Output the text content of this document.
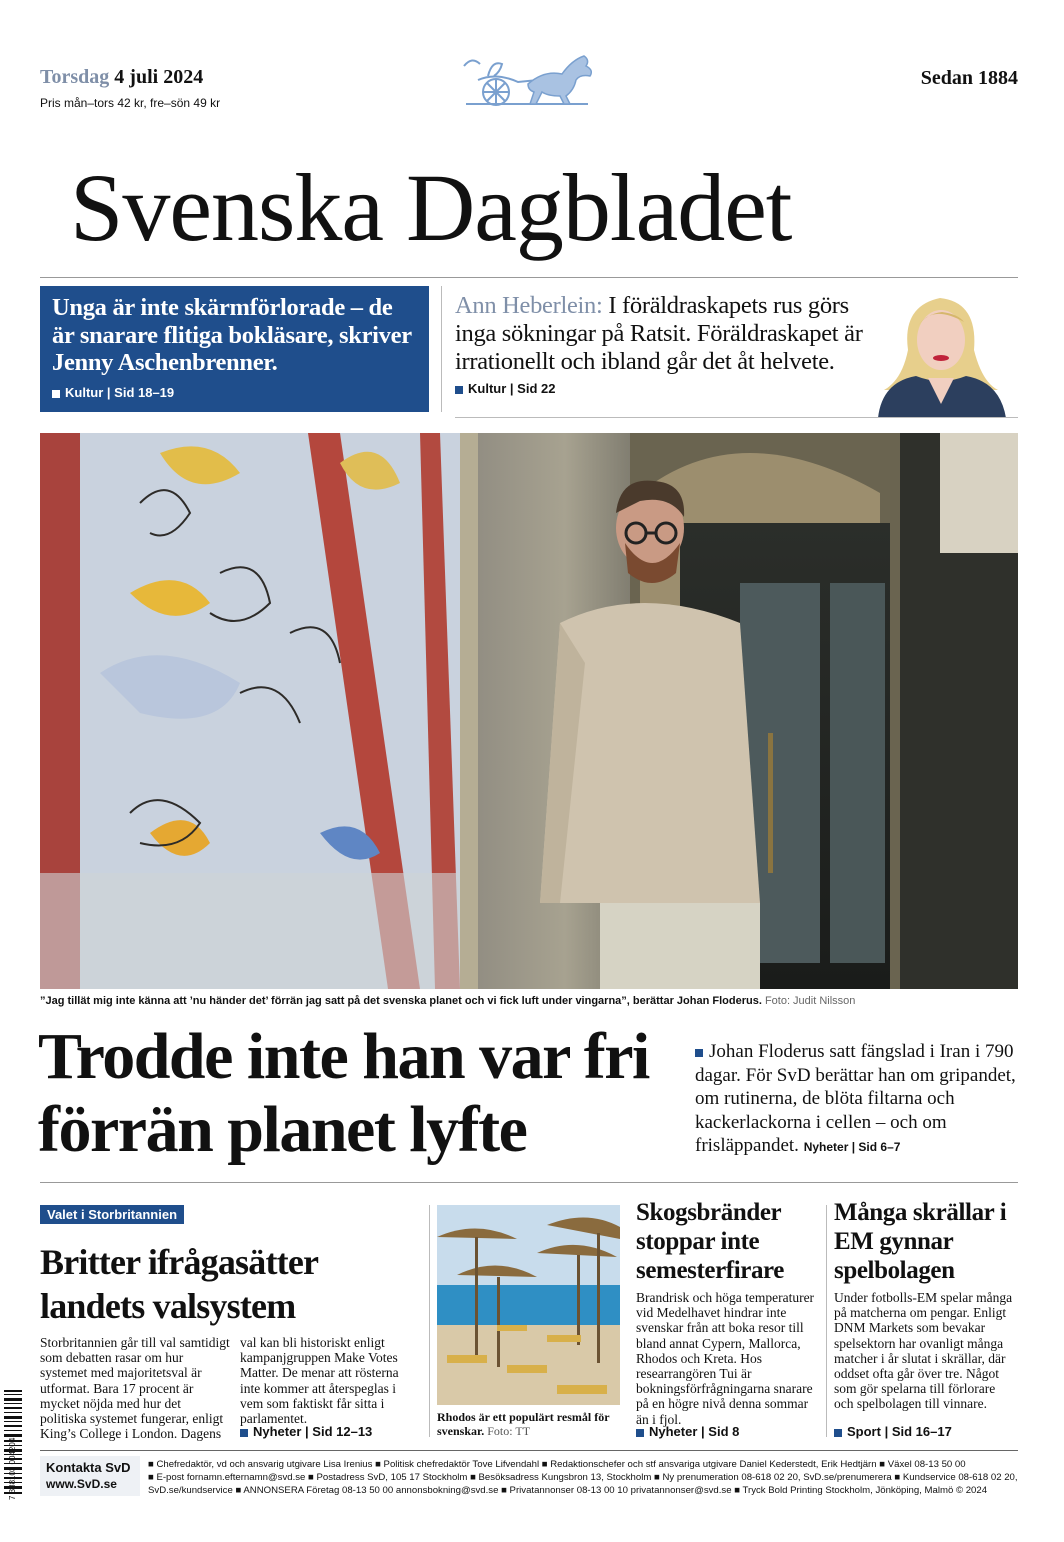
Torsdag 4 juli 2024
Pris mån–tors 42 kr, fre–sön 49 kr
Sedan 1884
Svenska Dagbladet
Unga är inte skärmförlorade – de är snarare flitiga bokläsare, skriver Jenny Aschenbrenner.
Kultur | Sid 18–19
Ann Heberlein: I föräldraskapets rus görs inga sökningar på Ratsit. Föräldraskapet är irrationellt och ibland går det åt helvete.
Kultur | Sid 22
”Jag tillät mig inte känna att ’nu händer det’ förrän jag satt på det svenska planet och vi fick luft under vingarna”, berättar Johan Floderus. Foto: Judit Nilsson
Trodde inte han var fri förrän planet lyfte
Johan Floderus satt fängslad i Iran i 790 dagar. För SvD berättar han om gripandet, om rutinerna, de blöta filtarna och kackerlackorna i cellen – och om frisläppandet. Nyheter | Sid 6–7
Valet i Storbritannien
Britter ifrågasätter landets valsystem
Storbritannien går till val samtidigt som debatten rasar om hur systemet med majoritetsval är utformat. Bara 17 procent är mycket nöjda med hur det politiska systemet fungerar, enligt King’s College i London. Dagens
val kan bli historiskt enligt kampanjgruppen Make Votes Matter. De menar att rösterna inte kommer att återspeglas i vem som faktiskt får sitta i parlamentet.
Nyheter | Sid 12–13
Rhodos är ett populärt resmål för svenskar. Foto: TT
Skogsbränder stoppar inte semesterfirare
Brandrisk och höga temperaturer vid Medelhavet hindrar inte svenskar från att boka resor till bland annat Cypern, Mallorca, Rhodos och Kreta. Hos researrangören Tui är bokningsförfrågningarna snarare på en högre nivå denna sommar än i fjol.
Nyheter | Sid 8
Många skrällar i EM gynnar spelbolagen
Under fotbolls-EM spelar många på matcherna om pengar. Enligt DNM Markets som bevakar spelsektorn har ovanligt många matcher i år slutat i skrällar, där oddset ofta går över tre. Något som gör spelarna till förlorare och spelbolagen till vinnare.
Sport | Sid 16–17
7 388103 004204 Kontakta SvD
www.SvD.se
■ Chefredaktör, vd och ansvarig utgivare Lisa Irenius ■ Politisk chefredaktör Tove Lifvendahl ■ Redaktionschefer och stf ansvariga utgivare Daniel Kederstedt, Erik Hedtjärn ■ Växel 08-13 50 00
■ E-post fornamn.efternamn@svd.se ■ Postadress SvD, 105 17 Stockholm ■ Besöksadress Kungsbron 13, Stockholm ■ Ny prenumeration 08-618 02 20, SvD.se/prenumerera ■ Kundservice 08-618 02 20,
SvD.se/kundservice ■ ANNONSERA Företag 08-13 50 00 annonsbokning@svd.se ■ Privatannonser 08-13 00 10 privatannonser@svd.se ■ Tryck Bold Printing Stockholm, Jönköping, Malmö © 2024
